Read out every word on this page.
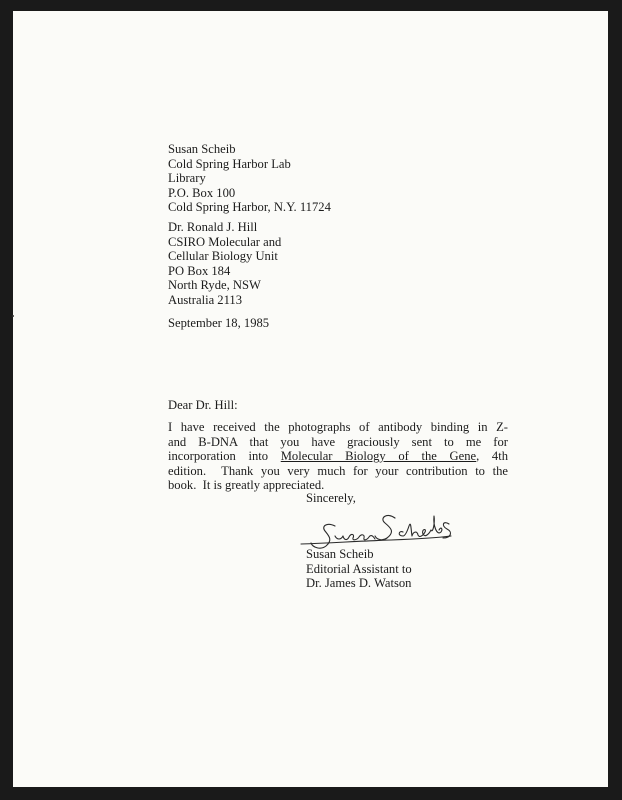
Susan Scheib
Cold Spring Harbor Lab
Library
P.O. Box 100
Cold Spring Harbor, N.Y. 11724
Dr. Ronald J. Hill
CSIRO Molecular and
Cellular Biology Unit
PO Box 184
North Ryde, NSW
Australia 2113
September 18, 1985
Dear Dr. Hill:
I have received the photographs of antibody binding in Z-
and B-DNA that you have graciously sent to me for
incorporation into Molecular Biology of the Gene, 4th
edition.  Thank you very much for your contribution to the
book.  It is greatly appreciated.
Sincerely,
Susan Scheib
Editorial Assistant to
Dr. James D. Watson
